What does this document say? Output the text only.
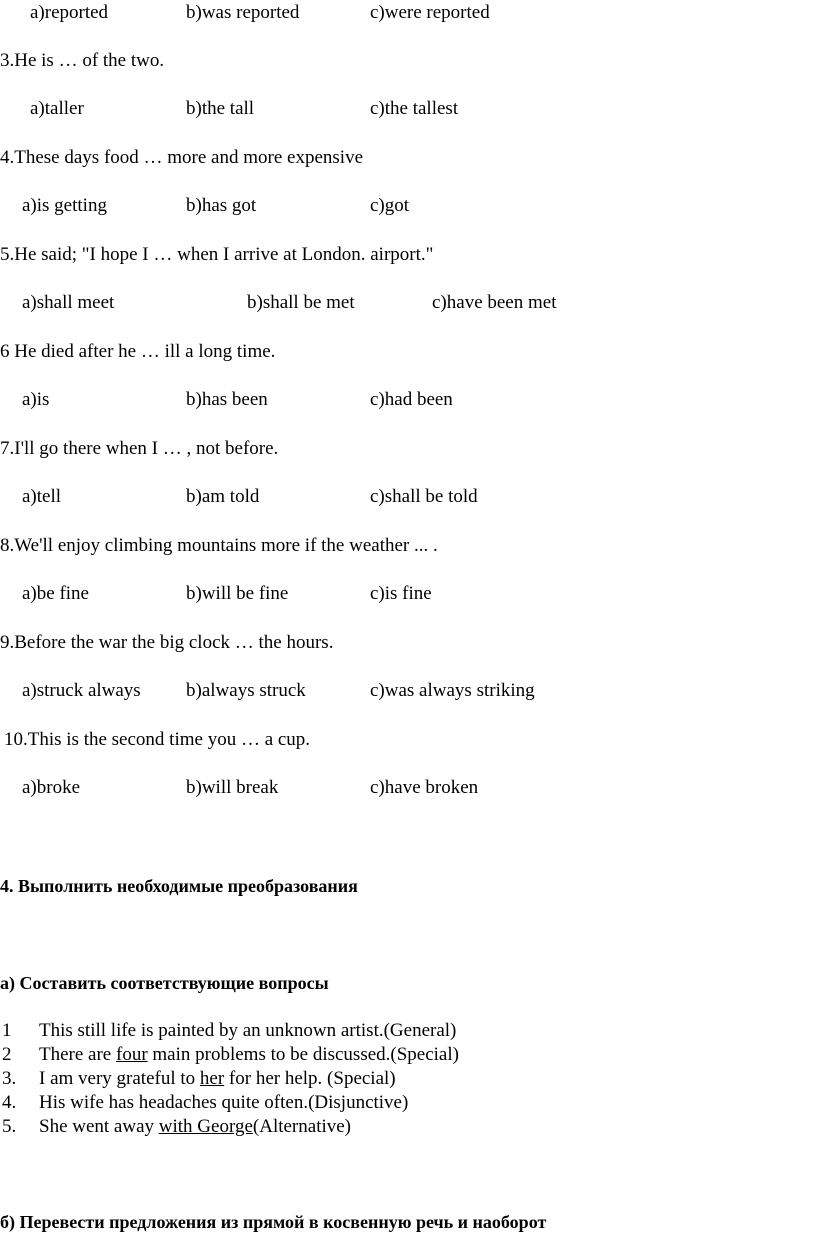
a)reported	b)was reported	c)were reported
3.He is … of the two.
a)taller	b)the tall	c)the tallest
4.These days food … more and more expensive
a)is getting	b)has got	c)got
5.He said; "I hope I … when I arrive at London. airport."
a)shall meet	b)shall be met	c)have been met
6 He died after he … ill a long time.
a)is	b)has been	c)had been
7.I'll go there when I … , not before.
a)tell	b)am told	c)shall be told
8.We'll enjoy climbing mountains more if the weather ... .
a)be fine	b)will be fine	c)is fine
9.Before the war the big clock … the hours.
a)struck always b)always struck	c)was always striking
10.This is the second time you … a cup.
a)broke	b)will break	c)have broken
4. Выполнить необходимые преобразования
а) Составить соответствующие вопросы
1 This still life is painted by an unknown artist.(General)
2 There are four main problems to be discussed.(Special)
3. I am very grateful to her for her help. (Special)
4. His wife has headaches quite often.(Disjunctive)
5. She went away with George(Alternative)
б) Перевести предложения из прямой в косвенную речь и наоборот
